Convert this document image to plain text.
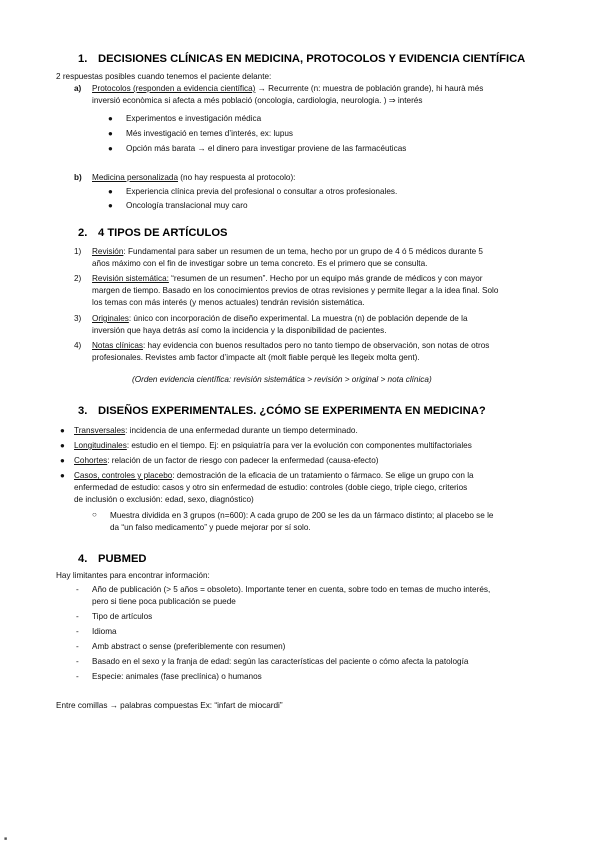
1. DECISIONES CLÍNICAS EN MEDICINA, PROTOCOLOS Y EVIDENCIA CIENTÍFICA
2 respuestas posibles cuando tenemos el paciente delante:
a) Protocolos (responden a evidencia científica) → Recurrente (n: muestra de población grande), hi haurà més
inversió econòmica si afecta a més població (oncologia, cardiologia, neurologia. ) ⇒ interés
● Experimentos e investigación médica
● Més investigació en temes d’interés, ex: lupus
● Opción más barata → el dinero para investigar proviene de las farmacéuticas
b) Medicina personalizada (no hay respuesta al protocolo):
● Experiencia clínica previa del profesional o consultar a otros profesionales.
● Oncología translacional muy caro
2. 4 TIPOS DE ARTÍCULOS
1) Revisión: Fundamental para saber un resumen de un tema, hecho por un grupo de 4 ó 5 médicos durante 5
años máximo con el fin de investigar sobre un tema concreto. Es el primero que se consulta.
2) Revisión sistemática: “resumen de un resumen”. Hecho por un equipo más grande de médicos y con mayor
margen de tiempo. Basado en los conocimientos previos de otras revisiones y permite llegar a la idea final. Solo
los temas con más interés (y menos actuales) tendrán revisión sistemática.
3) Originales: único con incorporación de diseño experimental. La muestra (n) de población depende de la
inversión que haya detrás así como la incidencia y la disponibilidad de pacientes.
4) Notas clínicas: hay evidencia con buenos resultados pero no tanto tiempo de observación, son notas de otros
profesionales. Revistes amb factor d’impacte alt (molt fiable perquè les llegeix molta gent).
(Orden evidencia científica: revisión sistemática > revisión > original > nota clínica)
3. DISEÑOS EXPERIMENTALES. ¿CÓMO SE EXPERIMENTA EN MEDICINA?
● Transversales: incidencia de una enfermedad durante un tiempo determinado.
● Longitudinales: estudio en el tiempo. Ej: en psiquiatría para ver la evolución con componentes multifactoriales
● Cohortes: relación de un factor de riesgo con padecer la enfermedad (causa-efecto)
● Casos, controles y placebo: demostración de la eficacia de un tratamiento o fármaco. Se elige un grupo con la
enfermedad de estudio: casos y otro sin enfermedad de estudio: controles (doble ciego, triple ciego, criterios
de inclusión o exclusión: edad, sexo, diagnóstico)
○ Muestra dividida en 3 grupos (n=600): A cada grupo de 200 se les da un fármaco distinto; al placebo se le
da “un falso medicamento” y puede mejorar por sí solo.
4. PUBMED
Hay limitantes para encontrar información:
- Año de publicación (> 5 años = obsoleto). Importante tener en cuenta, sobre todo en temas de mucho interés,
pero si tiene poca publicación se puede
- Tipo de artículos
- Idioma
- Amb abstract o sense (preferiblemente con resumen)
- Basado en el sexo y la franja de edad: según las características del paciente o cómo afecta la patología
- Especie: animales (fase preclínica) o humanos
Entre comillas → palabras compuestas Ex: “infart de miocardi”
■
